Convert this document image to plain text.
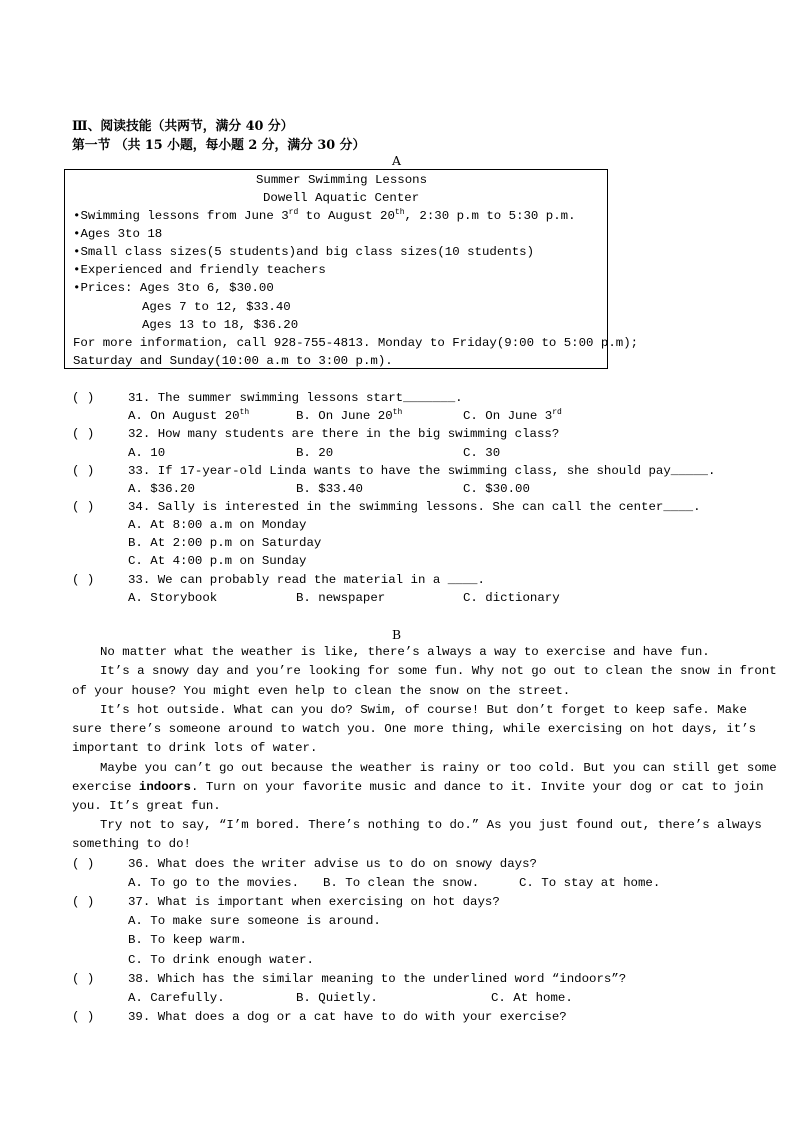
Ⅲ、阅读技能（共两节，满分 40 分）
第一节 （共 15 小题，每小题 2 分，满分 30 分）
A
Summer Swimming Lessons
Dowell Aquatic Center
•Swimming lessons from June 3rd to August 20th, 2:30 p.m to 5:30 p.m.
•Ages 3to 18
•Small class sizes(5 students)and big class sizes(10 students)
•Experienced and friendly teachers
•Prices: Ages 3to 6, $30.00
Ages 7 to 12, $33.40
Ages 13 to 18, $36.20
For more information, call 928-755-4813. Monday to Friday(9:00 to 5:00 p.m);
Saturday and Sunday(10:00 a.m to 3:00 p.m).
( )	31. The summer swimming lessons start_______.
A. On August 20th	B. On June 20th	C. On June 3rd
( )	32. How many students are there in the big swimming class?
A. 10	B. 20	C. 30
( )	33. If 17-year-old Linda wants to have the swimming class, she should pay_____.
A. $36.20	B. $33.40	C. $30.00
( )	34. Sally is interested in the swimming lessons. She can call the center____.
A. At 8:00 a.m on Monday
B. At 2:00 p.m on Saturday
C. At 4:00 p.m on Sunday
( )	33. We can probably read the material in a ____.
A. Storybook	B. newspaper	C. dictionary
B
No matter what the weather is like, there’s always a way to exercise and have fun.
It’s a snowy day and you’re looking for some fun. Why not go out to clean the snow in front
of your house? You might even help to clean the snow on the street.
It’s hot outside. What can you do? Swim, of course! But don’t forget to keep safe. Make
sure there’s someone around to watch you. One more thing, while exercising on hot days, it’s
important to drink lots of water.
Maybe you can’t go out because the weather is rainy or too cold. But you can still get some
exercise indoors. Turn on your favorite music and dance to it. Invite your dog or cat to join
you. It’s great fun.
Try not to say, “I’m bored. There’s nothing to do.” As you just found out, there’s always
something to do!
( )	36. What does the writer advise us to do on snowy days?
A. To go to the movies. B. To clean the snow.	C. To stay at home.
( )	37. What is important when exercising on hot days?
A. To make sure someone is around.
B. To keep warm.
C. To drink enough water.
( )	38. Which has the similar meaning to the underlined word “indoors”?
A. Carefully.	B. Quietly.	C. At home.
( )	39. What does a dog or a cat have to do with your exercise?
